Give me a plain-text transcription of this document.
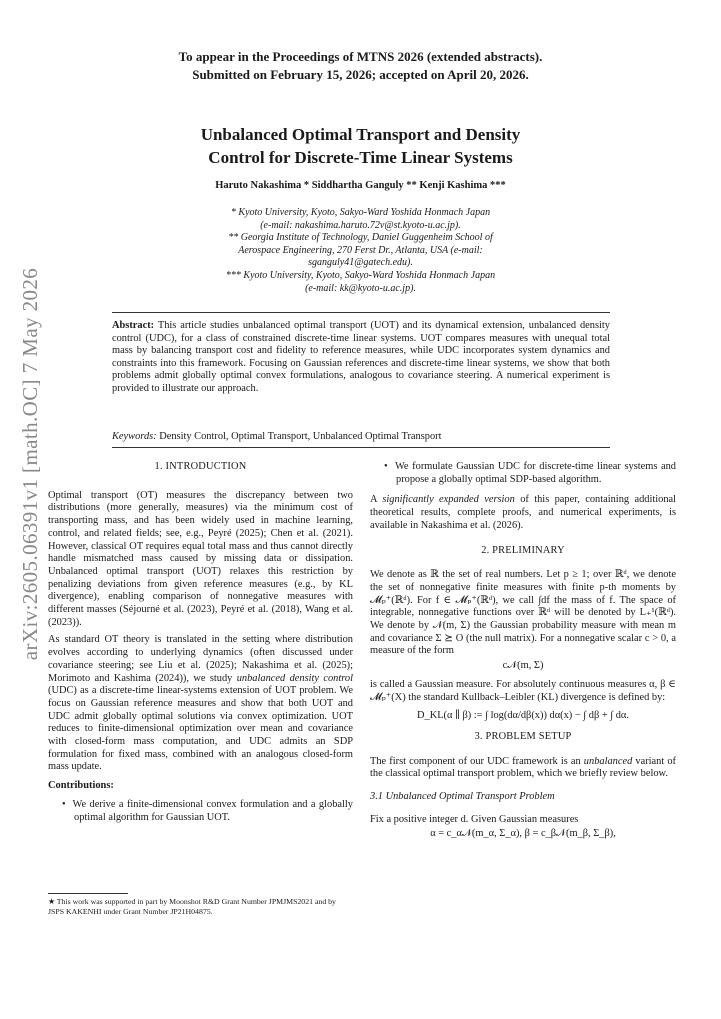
arXiv:2605.06391v1 [math.OC] 7 May 2026
To appear in the Proceedings of MTNS 2026 (extended abstracts).
Submitted on February 15, 2026; accepted on April 20, 2026.
Unbalanced Optimal Transport and Density
Control for Discrete-Time Linear Systems
Haruto Nakashima * Siddhartha Ganguly ** Kenji Kashima ***
* Kyoto University, Kyoto, Sakyo-Ward Yoshida Honmach Japan
(e-mail: nakashima.haruto.72v@st.kyoto-u.ac.jp).
** Georgia Institute of Technology, Daniel Guggenheim School of
Aerospace Engineering, 270 Ferst Dr., Atlanta, USA (e-mail:
sganguly41@gatech.edu).
*** Kyoto University, Kyoto, Sakyo-Ward Yoshida Honmach Japan
(e-mail: kk@kyoto-u.ac.jp).
Abstract: This article studies unbalanced optimal transport (UOT) and its dynamical extension, unbalanced density control (UDC), for a class of constrained discrete-time linear systems. UOT compares measures with unequal total mass by balancing transport cost and fidelity to reference measures, while UDC incorporates system dynamics and constraints into this framework. Focusing on Gaussian references and discrete-time linear systems, we show that both problems admit globally optimal convex formulations, analogous to covariance steering. A numerical experiment is provided to illustrate our approach.
Keywords: Density Control, Optimal Transport, Unbalanced Optimal Transport
1. INTRODUCTION

Optimal transport (OT) measures the discrepancy between two distributions (more generally, measures) via the minimum cost of transporting mass, and has been widely used in machine learning, control, and related fields; see, e.g., Peyré (2025); Chen et al. (2021). However, classical OT requires equal total mass and thus cannot directly handle mismatched mass caused by missing data or dissipation. Unbalanced optimal transport (UOT) relaxes this restriction by penalizing deviations from given reference measures (e.g., by KL divergence), enabling comparison of nonnegative measures with different masses (Séjourné et al. (2023), Peyré et al. (2018), Wang et al. (2023)).

As standard OT theory is translated in the setting where distribution evolves according to underlying dynamics (often discussed under covariance steering; see Liu et al. (2025); Nakashima et al. (2025); Morimoto and Kashima (2024)), we study unbalanced density control (UDC) as a discrete-time linear-systems extension of UOT problem. We focus on Gaussian reference measures and show that both UOT and UDC admit globally optimal solutions via convex optimization. UOT reduces to finite-dimensional optimization over mean and covariance with closed-form mass computation, and UDC admits an SDP formulation for fixed mass, combined with an analogous closed-form mass update.

Contributions:
•  We derive a finite-dimensional convex formulation and a globally optimal algorithm for Gaussian UOT.
★ This work was supported in part by Moonshot R&D Grant Number JPMJMS2021 and by JSPS KAKENHI under Grant Number JP21H04875.
•  We formulate Gaussian UDC for discrete-time linear systems and propose a globally optimal SDP-based algorithm.

A significantly expanded version of this paper, containing additional theoretical results, complete proofs, and numerical experiments, is available in Nakashima et al. (2026).

2. PRELIMINARY

We denote as ℝ the set of real numbers. Let p ≥ 1; over ℝᵈ, we denote the set of nonnegative finite measures with finite p-th moments by 𝓜ₚ⁺(ℝᵈ). For f ∈ 𝓜ₚ⁺(ℝᵈ), we call ∫df the mass of f. The space of integrable, nonnegative functions over ℝᵈ will be denoted by L₊¹(ℝᵈ). We denote by 𝒩(m, Σ) the Gaussian probability measure with mean m and covariance Σ ⪰ O (the null matrix). For a nonnegative scalar c > 0, a measure of the form

c𝒩(m, Σ)

is called a Gaussian measure. For absolutely continuous measures α, β ∈ 𝓜ₚ⁺(X) the standard Kullback–Leibler (KL) divergence is defined by:

D_KL(α ∥ β) := ∫ log(dα/dβ(x)) dα(x) − ∫ dβ + ∫ dα.
3. PROBLEM SETUP

The first component of our UDC framework is an unbalanced variant of the classical optimal transport problem, which we briefly review below.

3.1 Unbalanced Optimal Transport Problem

Fix a positive integer d. Given Gaussian measures

α = c_α𝒩(m_α, Σ_α), β = c_β𝒩(m_β, Σ_β),
